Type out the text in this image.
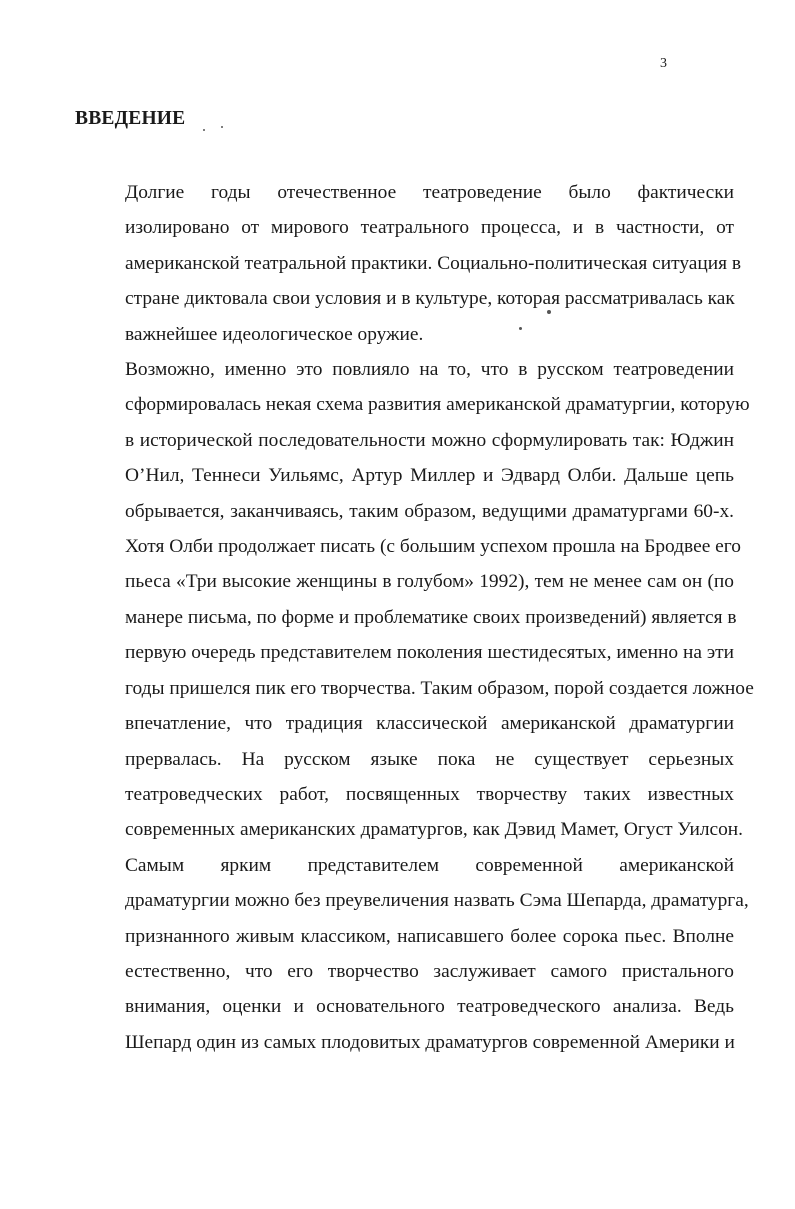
3
ВВЕДЕНИЕ

Долгие годы отечественное театроведение было фактически
изолировано от мирового театрального процесса, и в частности, от
американской театральной практики. Социально-политическая ситуация в
стране диктовала свои условия и в культуре, которая рассматривалась как
важнейшее идеологическое оружие.

Возможно, именно это повлияло на то, что в русском театроведении
сформировалась некая схема развития американской драматургии, которую
в исторической последовательности можно сформулировать так: Юджин
О’Нил, Теннеси Уильямс, Артур Миллер и Эдвард Олби. Дальше цепь
обрывается, заканчиваясь, таким образом, ведущими драматургами 60-х.
Хотя Олби продолжает писать (с большим успехом прошла на Бродвее его
пьеса «Три высокие женщины в голубом» 1992), тем не менее сам он (по
манере письма, по форме и проблематике своих произведений) является в
первую очередь представителем поколения шестидесятых, именно на эти
годы пришелся пик его творчества. Таким образом, порой создается ложное
впечатление, что традиция классической американской драматургии
прервалась. На русском языке пока не существует серьезных
театроведческих работ, посвященных творчеству таких известных
современных американских драматургов, как Дэвид Мамет, Огуст Уилсон.

Самым ярким представителем современной американской
драматургии можно без преувеличения назвать Сэма Шепарда, драматурга,
признанного живым классиком, написавшего более сорока пьес. Вполне
естественно, что его творчество заслуживает самого пристального
внимания, оценки и основательного театроведческого анализа. Ведь
Шепард один из самых плодовитых драматургов современной Америки и
